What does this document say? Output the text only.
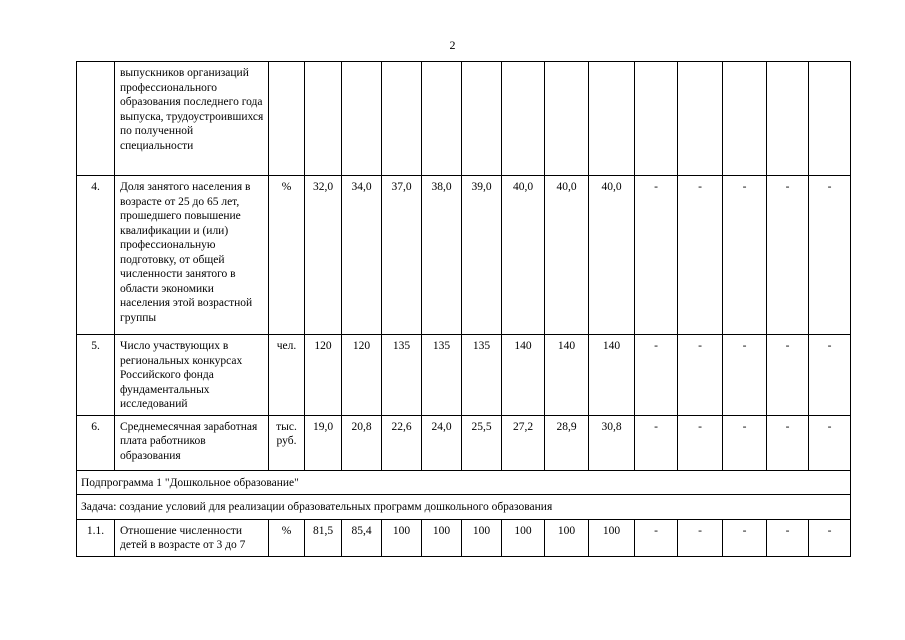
2
	выпускников организаций профессионального образования последнего года выпуска, трудоустроившихся по полученной специальности														
4.	Доля занятого населения в возрасте от 25 до 65 лет, прошедшего повышение квалификации и (или) профессиональную подготовку, от общей численности занятого в области экономики населения этой возрастной группы	%	32,0	34,0	37,0	38,0	39,0	40,0	40,0	40,0	-	-	-	-	-
5.	Число участвующих в региональных конкурсах Российского фонда фундаментальных исследований	чел.	120	120	135	135	135	140	140	140	-	-	-	-	-
6.	Среднемесячная заработная плата работников образования	тыс. руб.	19,0	20,8	22,6	24,0	25,5	27,2	28,9	30,8	-	-	-	-	-
Подпрограмма 1 "Дошкольное образование"															
Задача: создание условий для реализации образовательных программ дошкольного образования															
1.1.	Отношение численности детей в возрасте от 3 до 7	%	81,5	85,4	100	100	100	100	100	100	-	-	-	-	-
